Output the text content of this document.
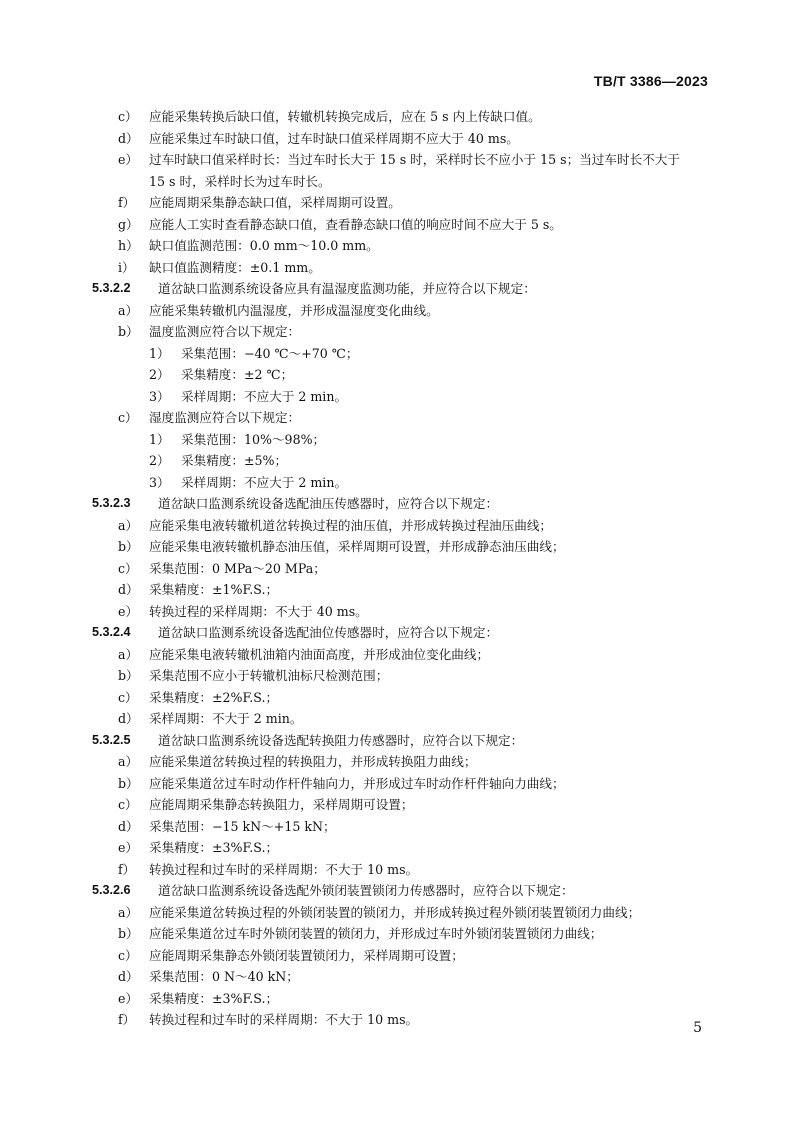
TB/T 3386—2023
c） 应能采集转换后缺口值，转辙机转换完成后，应在 5 s 内上传缺口值。
d） 应能采集过车时缺口值，过车时缺口值采样周期不应大于 40 ms。
e） 过车时缺口值采样时长：当过车时长大于 15 s 时，采样时长不应小于 15 s；当过车时长不大于
15 s 时，采样时长为过车时长。
f） 应能周期采集静态缺口值，采样周期可设置。
g） 应能人工实时查看静态缺口值，查看静态缺口值的响应时间不应大于 5 s。
h） 缺口值监测范围：0.0 mm～10.0 mm。
i） 缺口值监测精度：±0.1 mm。
5.3.2.2 道岔缺口监测系统设备应具有温湿度监测功能，并应符合以下规定：
a） 应能采集转辙机内温湿度，并形成温湿度变化曲线。
b） 温度监测应符合以下规定：
1） 采集范围：−40 ℃～+70 ℃；
2） 采集精度：±2 ℃；
3） 采样周期：不应大于 2 min。
c） 湿度监测应符合以下规定：
1） 采集范围：10%～98%；
2） 采集精度：±5%；
3） 采样周期：不应大于 2 min。
5.3.2.3 道岔缺口监测系统设备选配油压传感器时，应符合以下规定：
a） 应能采集电液转辙机道岔转换过程的油压值，并形成转换过程油压曲线；
b） 应能采集电液转辙机静态油压值，采样周期可设置，并形成静态油压曲线；
c） 采集范围：0 MPa～20 MPa；
d） 采集精度：±1%F.S.；
e） 转换过程的采样周期：不大于 40 ms。
5.3.2.4 道岔缺口监测系统设备选配油位传感器时，应符合以下规定：
a） 应能采集电液转辙机油箱内油面高度，并形成油位变化曲线；
b） 采集范围不应小于转辙机油标尺检测范围；
c） 采集精度：±2%F.S.；
d） 采样周期：不大于 2 min。
5.3.2.5 道岔缺口监测系统设备选配转换阻力传感器时，应符合以下规定：
a） 应能采集道岔转换过程的转换阻力，并形成转换阻力曲线；
b） 应能采集道岔过车时动作杆件轴向力，并形成过车时动作杆件轴向力曲线；
c） 应能周期采集静态转换阻力，采样周期可设置；
d） 采集范围：−15 kN～+15 kN；
e） 采集精度：±3%F.S.；
f） 转换过程和过车时的采样周期：不大于 10 ms。
5.3.2.6 道岔缺口监测系统设备选配外锁闭装置锁闭力传感器时，应符合以下规定：
a） 应能采集道岔转换过程的外锁闭装置的锁闭力，并形成转换过程外锁闭装置锁闭力曲线；
b） 应能采集道岔过车时外锁闭装置的锁闭力，并形成过车时外锁闭装置锁闭力曲线；
c） 应能周期采集静态外锁闭装置锁闭力，采样周期可设置；
d） 采集范围：0 N～40 kN；
e） 采集精度：±3%F.S.；
f） 转换过程和过车时的采样周期：不大于 10 ms。
5
